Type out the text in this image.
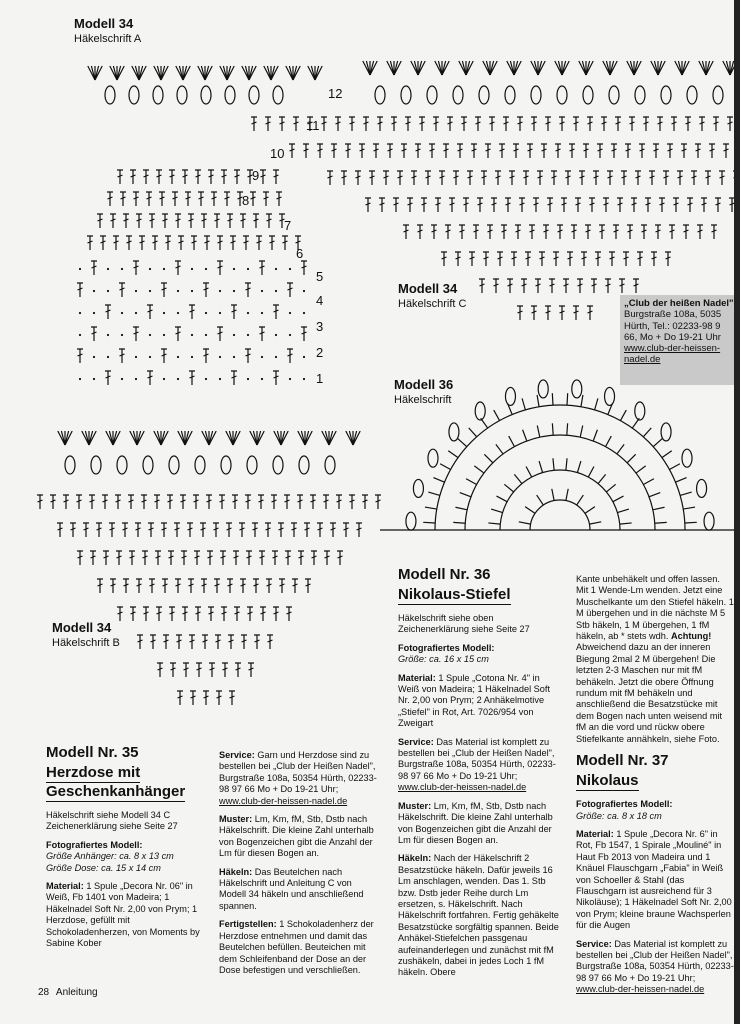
1
2
3
4
5
6
7
8
9
10
11
12
Modell 34
Häkelschrift A
Modell 34
Häkelschrift C
Modell 36
Häkelschrift
Modell 34
Häkelschrift B
„Club der heißen Nadel"
Burgstraße 108a, 5035
Hürth, Tel.: 02233-98 9
66, Mo + Do 19-21 Uhr
www.club-der-heissen-
nadel.de
Modell Nr. 35
Herzdose mit
Geschenkanhänger

Häkelschrift siehe Modell 34 C
Zeichenerklärung siehe Seite 27

Fotografiertes Modell:
Größe Anhänger: ca. 8 x 13 cm
Größe Dose: ca. 15 x 14 cm

Material: 1 Spule „Decora Nr. 06" in Weiß, Fb 1401 von Madeira; 1 Häkelnadel Soft Nr. 2,00 von Prym; 1 Herzdose, gefüllt mit Schokoladenherzen, von Moments by Sabine Kober

Service: Garn und Herzdose sind zu bestellen bei „Club der Heißen Nadel", Burgstraße 108a, 50354 Hürth, 02233-98 97 66 Mo + Do 19-21 Uhr;
www.club-der-heissen-nadel.de

Muster: Lm, Km, fM, Stb, Dstb nach Häkelschrift. Die kleine Zahl unterhalb von Bogenzeichen gibt die Anzahl der Lm für diesen Bogen an.

Häkeln: Das Beutelchen nach Häkelschrift und Anleitung C von Modell 34 häkeln und anschließend spannen.

Fertigstellen: 1 Schokoladenherz der Herzdose entnehmen und damit das Beutelchen befüllen. Beuteichen mit dem Schleifenband der Dose an der Dose befestigen und verschließen.

Modell Nr. 36
Nikolaus-Stiefel

Häkelschrift siehe oben
Zeichenerklärung siehe Seite 27

Fotografiertes Modell:
Größe: ca. 16 x 15 cm

Material: 1 Spule „Cotona Nr. 4" in Weiß von Madeira; 1 Häkelnadel Soft Nr. 2,00 von Prym; 2 Anhäkelmotive „Stiefel" in Rot, Art. 7026/954 von Zweigart

Service: Das Material ist komplett zu bestellen bei „Club der Heißen Nadel", Burgstraße 108a, 50354 Hürth, 02233-98 97 66 Mo + Do 19-21 Uhr;
www.club-der-heissen-nadel.de

Muster: Lm, Km, fM, Stb, Dstb nach Häkelschrift. Die kleine Zahl unterhalb von Bogenzeichen gibt die Anzahl der Lm für diesen Bogen an.

Häkeln: Nach der Häkelschrift 2 Besatzstücke häkeln. Dafür jeweils 16 Lm anschlagen, wenden. Das 1. Stb bzw. Dstb jeder Reihe durch Lm ersetzen, s. Häkelschrift. Nach Häkelschrift fortfahren. Fertig gehäkelte Besatzstücke sorgfältig spannen. Beide Anhäkel-Stiefelchen passgenau aufeinanderlegen und zunächst mit fM zushäkeln, dabei in jedes Loch 1 fM häkeln. Obere

Kante unbehäkelt und offen lassen. Mit 1 Wende-Lm wenden. Jetzt eine Muschelkante um den Stiefel häkeln. 1 M übergehen und in die nächste M 5 Stb häkeln, 1 M übergehen, 1 fM häkeln, ab * stets wdh. Achtung! Abweichend dazu an der inneren Biegung 2mal 2 M übergehen! Die letzten 2-3 Maschen nur mit fM behäkeln. Jetzt die obere Öffnung rundum mit fM behäkeln und anschließend die Besatzstücke mit dem Bogen nach unten weisend mit fM an die vord und rückw obere Stiefelkante annähkeln, siehe Foto.

Modell Nr. 37
Nikolaus

Fotografiertes Modell:
Größe: ca. 8 x 18 cm

Material: 1 Spule „Decora Nr. 6" in Rot, Fb 1547, 1 Spirale „Mouliné" in Haut Fb 2013 von Madeira und 1 Knäuel Flauschgarn „Fabia" in Weiß von Schoeller & Stahl (das Flauschgarn ist ausreichend für 3 Nikoläuse); 1 Häkelnadel Soft Nr. 2,00 von Prym; kleine braune Wachsperlen für die Augen

Service: Das Material ist komplett zu bestellen bei „Club der Heißen Nadel", Burgstraße 108a, 50354 Hürth, 02233-98 97 66 Mo + Do 19-21 Uhr;
www.club-der-heissen-nadel.de

28 Anleitung
